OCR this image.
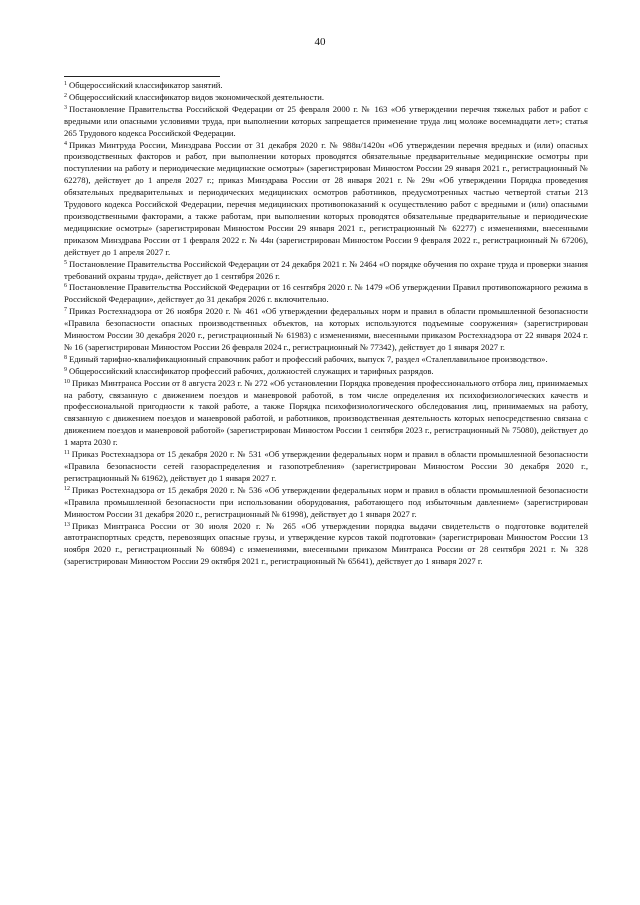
40

$^1$ Общероссийский классификатор занятий.

$^2$ Общероссийский классификатор видов экономической деятельности.

$^3$ Постановление Правительства Российской Федерации от 25 февраля 2000 г. № 163 «Об утверждении перечня тяжелых работ и работ с вредными или опасными условиями труда, при выполнении которых запрещается применение труда лиц моложе восемнадцати лет»; статья 265 Трудового кодекса Российской Федерации.

$^4$ Приказ Минтруда России, Минздрава России от 31 декабря 2020 г. № 988н/1420н «Об утверждении перечня вредных и (или) опасных производственных факторов и работ, при выполнении которых проводятся обязательные предварительные медицинские осмотры при поступлении на работу и периодические медицинские осмотры» (зарегистрирован Минюстом России 29 января 2021 г., регистрационный № 62278), действует до 1 апреля 2027 г.; приказ Минздрава России от 28 января 2021 г. № 29н «Об утверждении Порядка проведения обязательных предварительных и периодических медицинских осмотров работников, предусмотренных частью четвертой статьи 213 Трудового кодекса Российской Федерации, перечня медицинских противопоказаний к осуществлению работ с вредными и (или) опасными производственными факторами, а также работам, при выполнении которых проводятся обязательные предварительные и периодические медицинские осмотры» (зарегистрирован Минюстом России 29 января 2021 г., регистрационный № 62277) с изменениями, внесенными приказом Минздрава России от 1 февраля 2022 г. № 44н (зарегистрирован Минюстом России 9 февраля 2022 г., регистрационный № 67206), действует до 1 апреля 2027 г.

$^5$ Постановление Правительства Российской Федерации от 24 декабря 2021 г. № 2464 «О порядке обучения по охране труда и проверки знания требований охраны труда», действует до 1 сентября 2026 г.

$^6$ Постановление Правительства Российской Федерации от 16 сентября 2020 г. № 1479 «Об утверждении Правил противопожарного режима в Российской Федерации», действует до 31 декабря 2026 г. включительно.

$^7$ Приказ Ростехнадзора от 26 ноября 2020 г. № 461 «Об утверждении федеральных норм и правил в области промышленной безопасности «Правила безопасности опасных производственных объектов, на которых используются подъемные сооружения» (зарегистрирован Минюстом России 30 декабря 2020 г., регистрационный № 61983) с изменениями, внесенными приказом Ростехнадзора от 22 января 2024 г. № 16 (зарегистрирован Минюстом России 26 февраля 2024 г., регистрационный № 77342), действует до 1 января 2027 г.

$^8$ Единый тарифно-квалификационный справочник работ и профессий рабочих, выпуск 7, раздел «Сталеплавильное производство».

$^9$ Общероссийский классификатор профессий рабочих, должностей служащих и тарифных разрядов.

$^{10}$ Приказ Минтранса России от 8 августа 2023 г. № 272 «Об установлении Порядка проведения профессионального отбора лиц, принимаемых на работу, связанную с движением поездов и маневровой работой, в том числе определения их психофизиологических качеств и профессиональной пригодности к такой работе, а также Порядка психофизиологического обследования лиц, принимаемых на работу, связанную с движением поездов и маневровой работой, и работников, производственная деятельность которых непосредственно связана с движением поездов и маневровой работой» (зарегистрирован Минюстом России 1 сентября 2023 г., регистрационный № 75080), действует до 1 марта 2030 г.

$^{11}$ Приказ Ростехнадзора от 15 декабря 2020 г. № 531 «Об утверждении федеральных норм и правил в области промышленной безопасности «Правила безопасности сетей газораспределения и газопотребления» (зарегистрирован Минюстом России 30 декабря 2020 г., регистрационный № 61962), действует до 1 января 2027 г.

$^{12}$ Приказ Ростехнадзора от 15 декабря 2020 г. № 536 «Об утверждении федеральных норм и правил в области промышленной безопасности «Правила промышленной безопасности при использовании оборудования, работающего под избыточным давлением» (зарегистрирован Минюстом России 31 декабря 2020 г., регистрационный № 61998), действует до 1 января 2027 г.

$^{13}$ Приказ Минтранса России от 30 июля 2020 г. № 265 «Об утверждении порядка выдачи свидетельств о подготовке водителей автотранспортных средств, перевозящих опасные грузы, и утверждение курсов такой подготовки» (зарегистрирован Минюстом России 13 ноября 2020 г., регистрационный № 60894) с изменениями, внесенными приказом Минтранса России от 28 сентября 2021 г. № 328 (зарегистрирован Минюстом России 29 октября 2021 г., регистрационный № 65641), действует до 1 января 2027 г.
